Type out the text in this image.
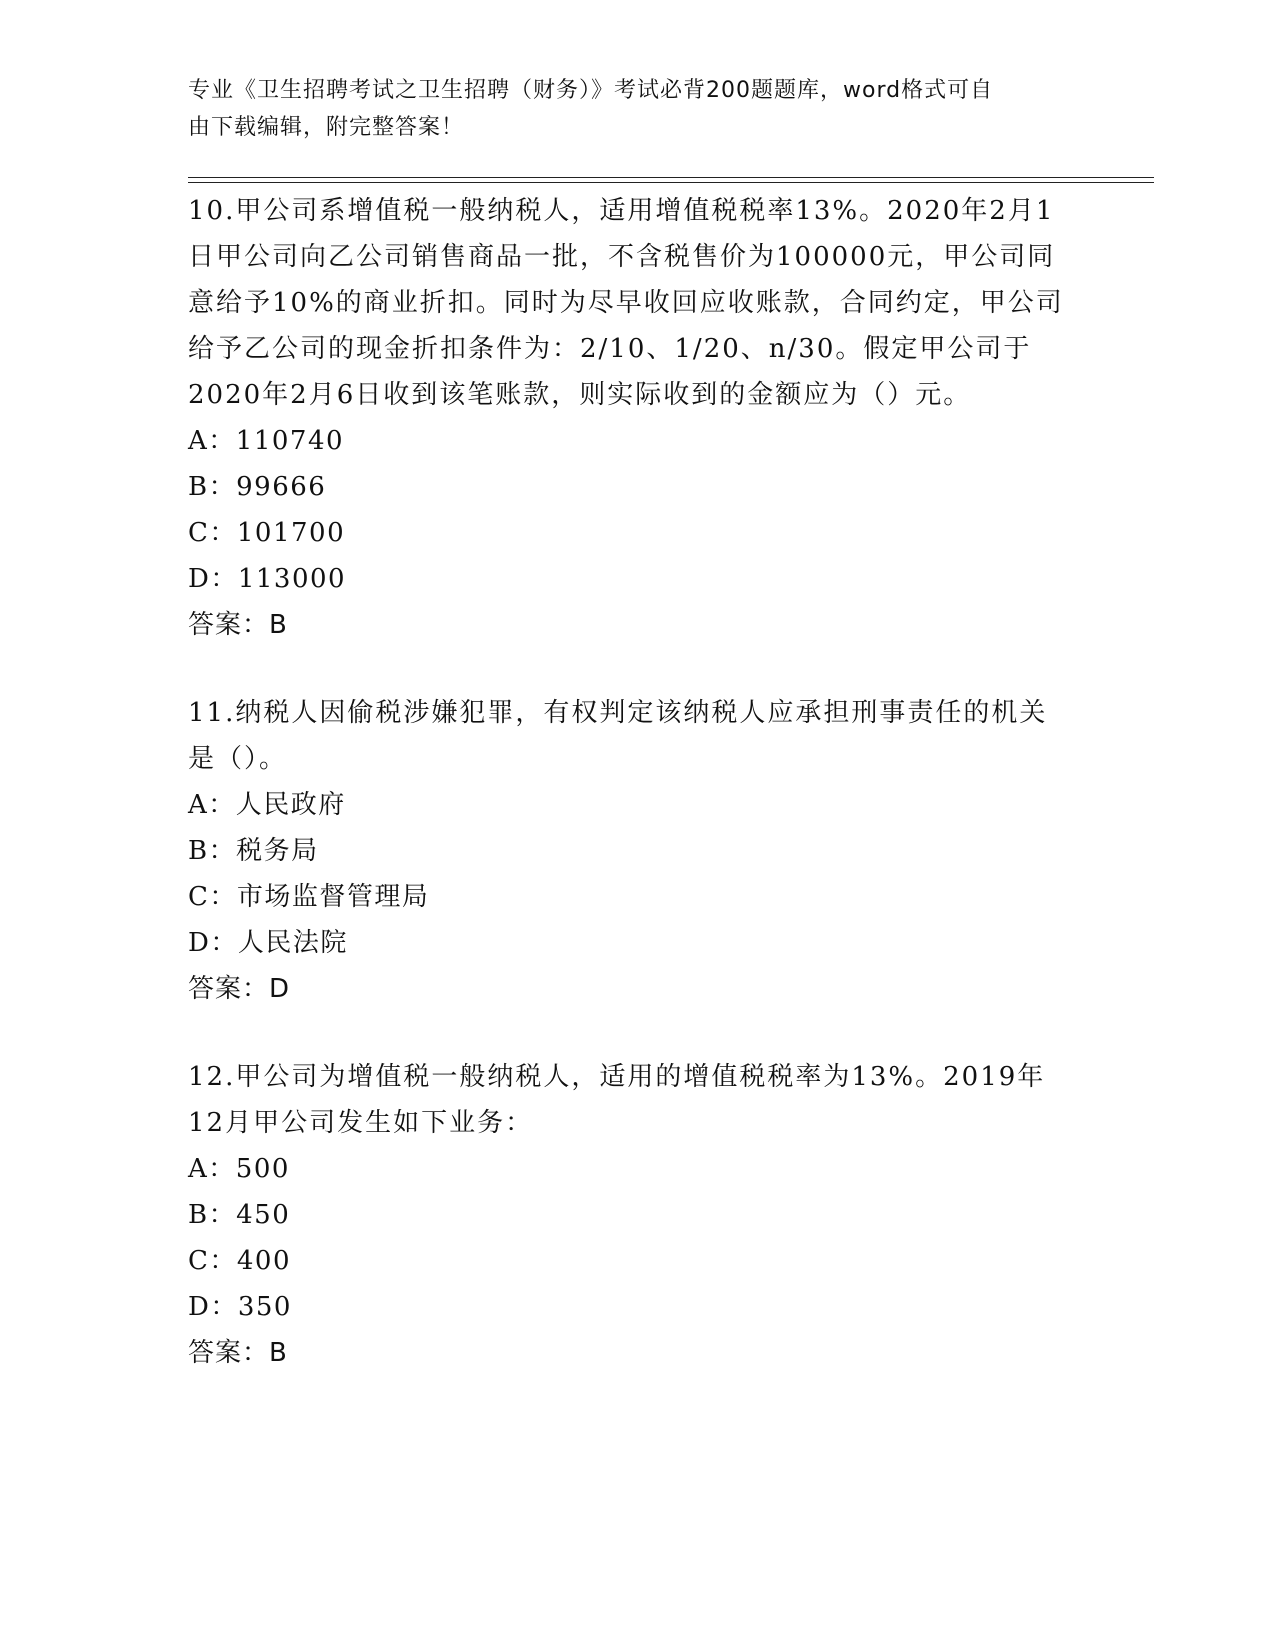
专业《卫生招聘考试之卫生招聘（财务）》考试必背200题题库，word格式可自
由下载编辑，附完整答案！
10.甲公司系增值税一般纳税人，适用增值税税率13%。2020年2月1
日甲公司向乙公司销售商品一批，不含税售价为100000元，甲公司同
意给予10%的商业折扣。同时为尽早收回应收账款，合同约定，甲公司
给予乙公司的现金折扣条件为：2/10、1/20、n/30。假定甲公司于
2020年2月6日收到该笔账款，则实际收到的金额应为（）元。
A：110740
B：99666
C：101700
D：113000
答案：B
11.纳税人因偷税涉嫌犯罪，有权判定该纳税人应承担刑事责任的机关
是（）。
A：人民政府
B：税务局
C：市场监督管理局
D：人民法院
答案：D
12.甲公司为增值税一般纳税人，适用的增值税税率为13%。2019年
12月甲公司发生如下业务：
A：500
B：450
C：400
D：350
答案：B
